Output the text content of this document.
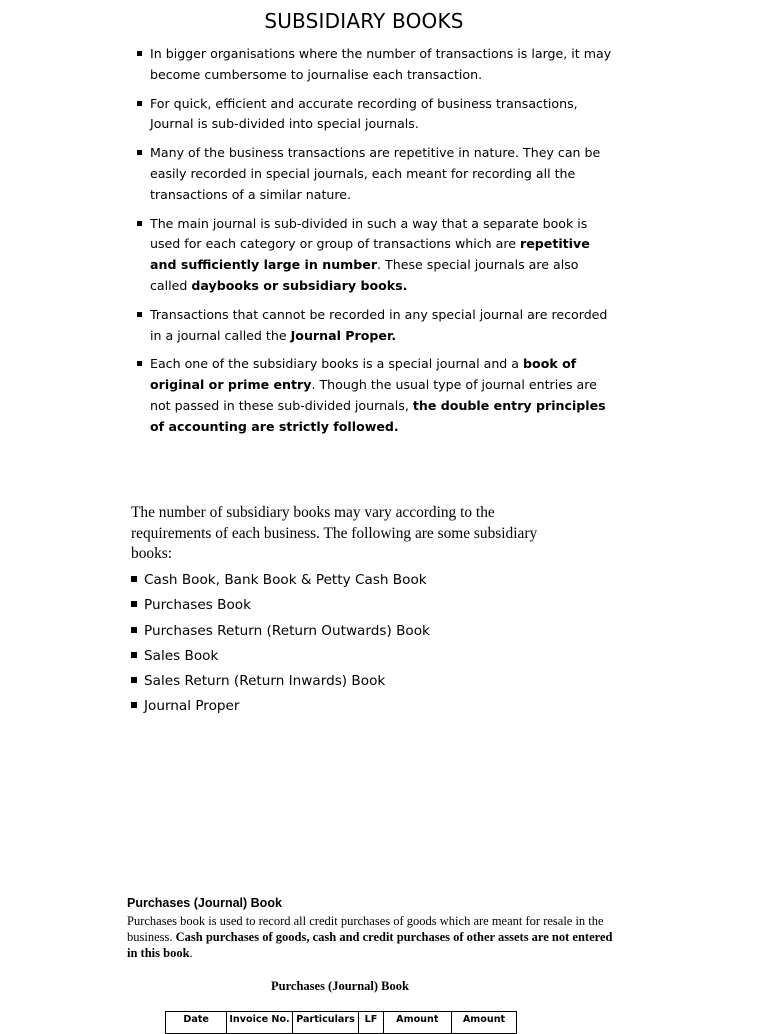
SUBSIDIARY BOOKS
In bigger organisations where the number of transactions is large, it may become cumbersome to journalise each transaction.
For quick, efficient and accurate recording of business transactions, Journal is sub-divided into special journals.
Many of the business transactions are repetitive in nature. They can be easily recorded in special journals, each meant for recording all the transactions of a similar nature.
The main journal is sub-divided in such a way that a separate book is used for each category or group of transactions which are repetitive and sufficiently large in number. These special journals are also called daybooks or subsidiary books.
Transactions that cannot be recorded in any special journal are recorded in a journal called the Journal Proper.
Each one of the subsidiary books is a special journal and a book of original or prime entry. Though the usual type of journal entries are not passed in these sub-divided journals, the double entry principles of accounting are strictly followed.
The number of subsidiary books may vary according to the requirements of each business. The following are some subsidiary books:
Cash Book, Bank Book & Petty Cash Book
Purchases Book
Purchases Return (Return Outwards) Book
Sales Book
Sales Return (Return Inwards) Book
Journal Proper
Purchases (Journal) Book
Purchases book is used to record all credit purchases of goods which are meant for resale in the business. Cash purchases of goods, cash and credit purchases of other assets are not entered in this book.
Purchases (Journal) Book
Date	Invoice No.	Particulars	LF	Amount	Amount
